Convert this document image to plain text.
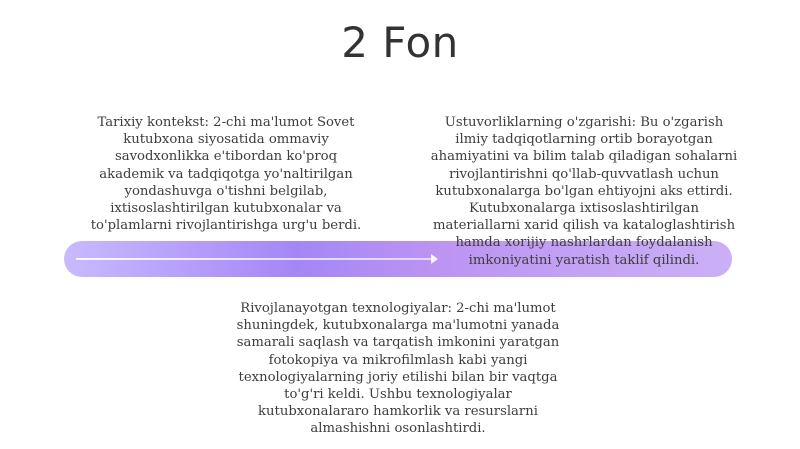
2 Fon
Tarixiy kontekst: 2-chi ma'lumot Sovet kutubxona siyosatida ommaviy savodxonlikka e'tibordan ko'proq akademik va tadqiqotga yo'naltirilgan yondashuvga o'tishni belgilab, ixtisoslashtirilgan kutubxonalar va to'plamlarni rivojlantirishga urg'u berdi.
Ustuvorliklarning o'zgarishi: Bu o'zgarish ilmiy tadqiqotlarning ortib borayotgan ahamiyatini va bilim talab qiladigan sohalarni rivojlantirishni qo'llab-quvvatlash uchun kutubxonalarga bo'lgan ehtiyojni aks ettirdi. Kutubxonalarga ixtisoslashtirilgan materiallarni xarid qilish va kataloglashtirish hamda xorijiy nashrlardan foydalanish imkoniyatini yaratish taklif qilindi.
Rivojlanayotgan texnologiyalar: 2-chi ma'lumot shuningdek, kutubxonalarga ma'lumotni yanada samarali saqlash va tarqatish imkonini yaratgan fotokopiya va mikrofilmlash kabi yangi texnologiyalarning joriy etilishi bilan bir vaqtga to'g'ri keldi. Ushbu texnologiyalar kutubxonalararo hamkorlik va resurslarni almashishni osonlashtirdi.
